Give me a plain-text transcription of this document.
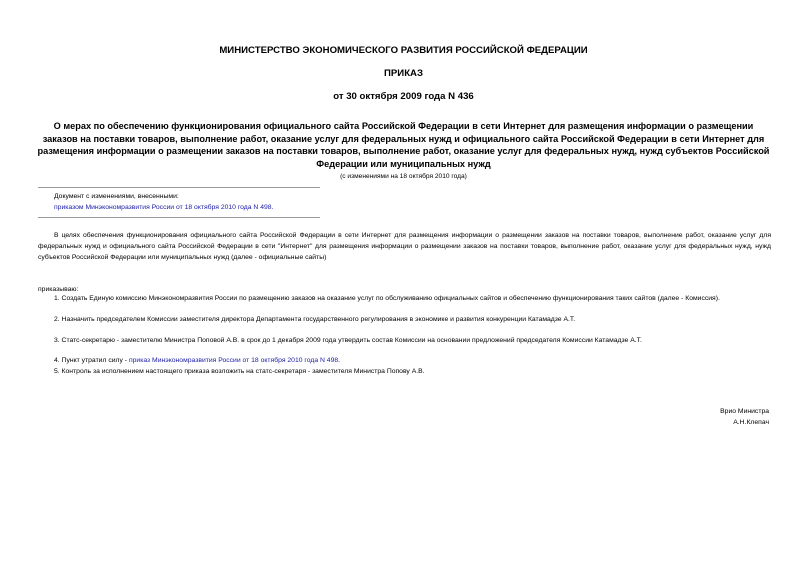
МИНИСТЕРСТВО ЭКОНОМИЧЕСКОГО РАЗВИТИЯ РОССИЙСКОЙ ФЕДЕРАЦИИ
ПРИКАЗ
от 30 октября 2009 года N 436
О мерах по обеспечению функционирования официального сайта Российской Федерации в сети Интернет для размещения информации о размещении заказов на поставки товаров, выполнение работ, оказание услуг для федеральных нужд и официального сайта Российской Федерации в сети Интернет для размещения информации о размещении заказов на поставки товаров, выполнение работ, оказание услуг для федеральных нужд, нужд субъектов Российской Федерации или муниципальных нужд
(с изменениями на 18 октября 2010 года)
Документ с изменениями, внесенными:
приказом Минэкономразвития России от 18 октября 2010 года N 498.
В целях обеспечения функционирования официального сайта Российской Федерации в сети Интернет для размещения информации о размещении заказов на поставки товаров, выполнение работ, оказание услуг для федеральных нужд и официального сайта Российской Федерации в сети "Интернет" для размещения информации о размещении заказов на поставки товаров, выполнение работ, оказание услуг для федеральных нужд, нужд субъектов Российской Федерации или муниципальных нужд (далее - официальные сайты)
приказываю:
1. Создать Единую комиссию Минэкономразвития России по размещению заказов на оказание услуг по обслуживанию официальных сайтов и обеспечению функционирования таких сайтов (далее - Комиссия).
2. Назначить председателем Комиссии заместителя директора Департамента государственного регулирования в экономике и развития конкуренции Катамадзе А.Т.
3. Статс-секретарю - заместителю Министра Поповой А.В. в срок до 1 декабря 2009 года утвердить состав Комиссии на основании предложений председателя Комиссии Катамадзе А.Т.
4. Пункт утратил силу - приказ Минэкономразвития России от 18 октября 2010 года N 498.
5. Контроль за исполнением настоящего приказа возложить на статс-секретаря - заместителя Министра Попову А.В.
Врио Министра
А.Н.Клепач
